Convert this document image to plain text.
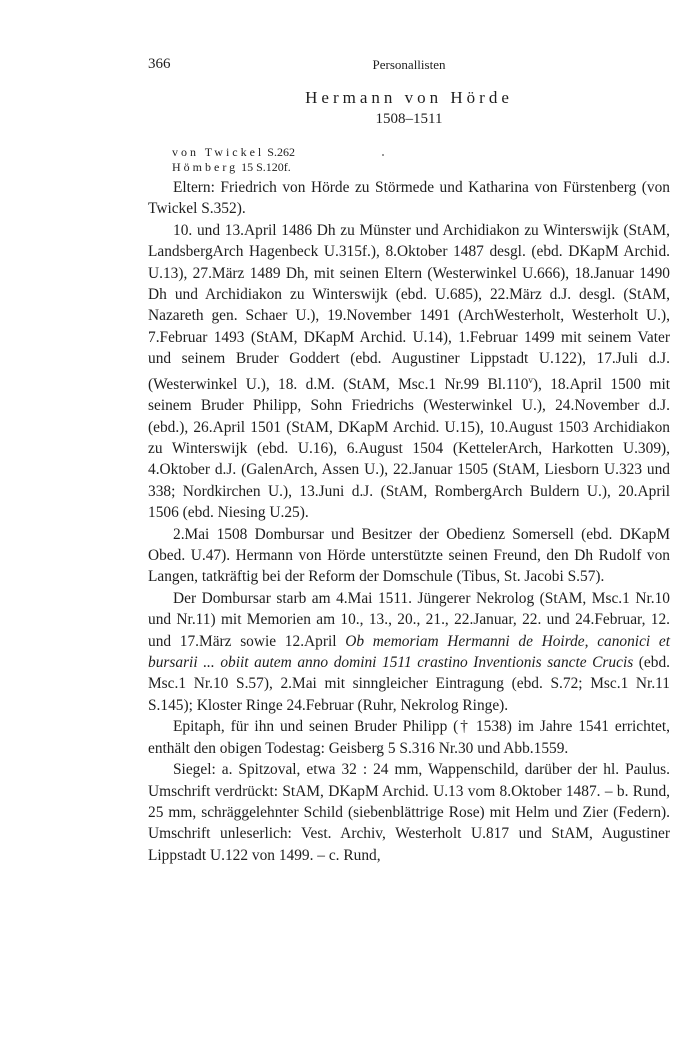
366	Personallisten
Hermann von Hörde
1508–1511
von Twickel S.262
Hömberg 15 S.120f.

Eltern: Friedrich von Hörde zu Störmede und Katharina von Fürstenberg (von Twickel S.352).

10. und 13.April 1486 Dh zu Münster und Archidiakon zu Winterswijk (StAM, LandsbergArch Hagenbeck U.315f.), 8.Oktober 1487 desgl. (ebd. DKapM Archid. U.13), 27.März 1489 Dh, mit seinen Eltern (Westerwinkel U.666), 18.Januar 1490 Dh und Archidiakon zu Winterswijk (ebd. U.685), 22.März d.J. desgl. (StAM, Nazareth gen. Schaer U.), 19.November 1491 (ArchWesterholt, Westerholt U.), 7.Februar 1493 (StAM, DKapM Archid. U.14), 1.Februar 1499 mit seinem Vater und seinem Bruder Goddert (ebd. Augustiner Lippstadt U.122), 17.Juli d.J. (Westerwinkel U.), 18. d.M. (StAM, Msc.1 Nr.99 Bl.110$^v$), 18.April 1500 mit seinem Bruder Philipp, Sohn Friedrichs (Westerwinkel U.), 24.November d.J. (ebd.), 26.April 1501 (StAM, DKapM Archid. U.15), 10.August 1503 Archidiakon zu Winterswijk (ebd. U.16), 6.August 1504 (KettelerArch, Harkotten U.309), 4.Oktober d.J. (GalenArch, Assen U.), 22.Januar 1505 (StAM, Liesborn U.323 und 338; Nordkirchen U.), 13.Juni d.J. (StAM, RombergArch Buldern U.), 20.April 1506 (ebd. Niesing U.25).

2.Mai 1508 Dombursar und Besitzer der Obedienz Somersell (ebd. DKapM Obed. U.47). Hermann von Hörde unterstützte seinen Freund, den Dh Rudolf von Langen, tatkräftig bei der Reform der Domschule (Tibus, St. Jacobi S.57).

Der Dombursar starb am 4.Mai 1511. Jüngerer Nekrolog (StAM, Msc.1 Nr.10 und Nr.11) mit Memorien am 10., 13., 20., 21., 22.Januar, 22. und 24.Februar, 12. und 17.März sowie 12.April Ob memoriam Hermanni de Hoirde, canonici et bursarii ... obiit autem anno domini 1511 crastino Inventionis sancte Crucis (ebd. Msc.1 Nr.10 S.57), 2.Mai mit sinngleicher Eintragung (ebd. S.72; Msc.1 Nr.11 S.145); Kloster Ringe 24.Februar (Ruhr, Nekrolog Ringe).

Epitaph, für ihn und seinen Bruder Philipp († 1538) im Jahre 1541 errichtet, enthält den obigen Todestag: Geisberg 5 S.316 Nr.30 und Abb.1559.

Siegel: a. Spitzoval, etwa 32 : 24 mm, Wappenschild, darüber der hl. Paulus. Umschrift verdrückt: StAM, DKapM Archid. U.13 vom 8.Oktober 1487. – b. Rund, 25 mm, schräggelehnter Schild (siebenblättrige Rose) mit Helm und Zier (Federn). Umschrift unleserlich: Vest. Archiv, Westerholt U.817 und StAM, Augustiner Lippstadt U.122 von 1499. – c. Rund,
